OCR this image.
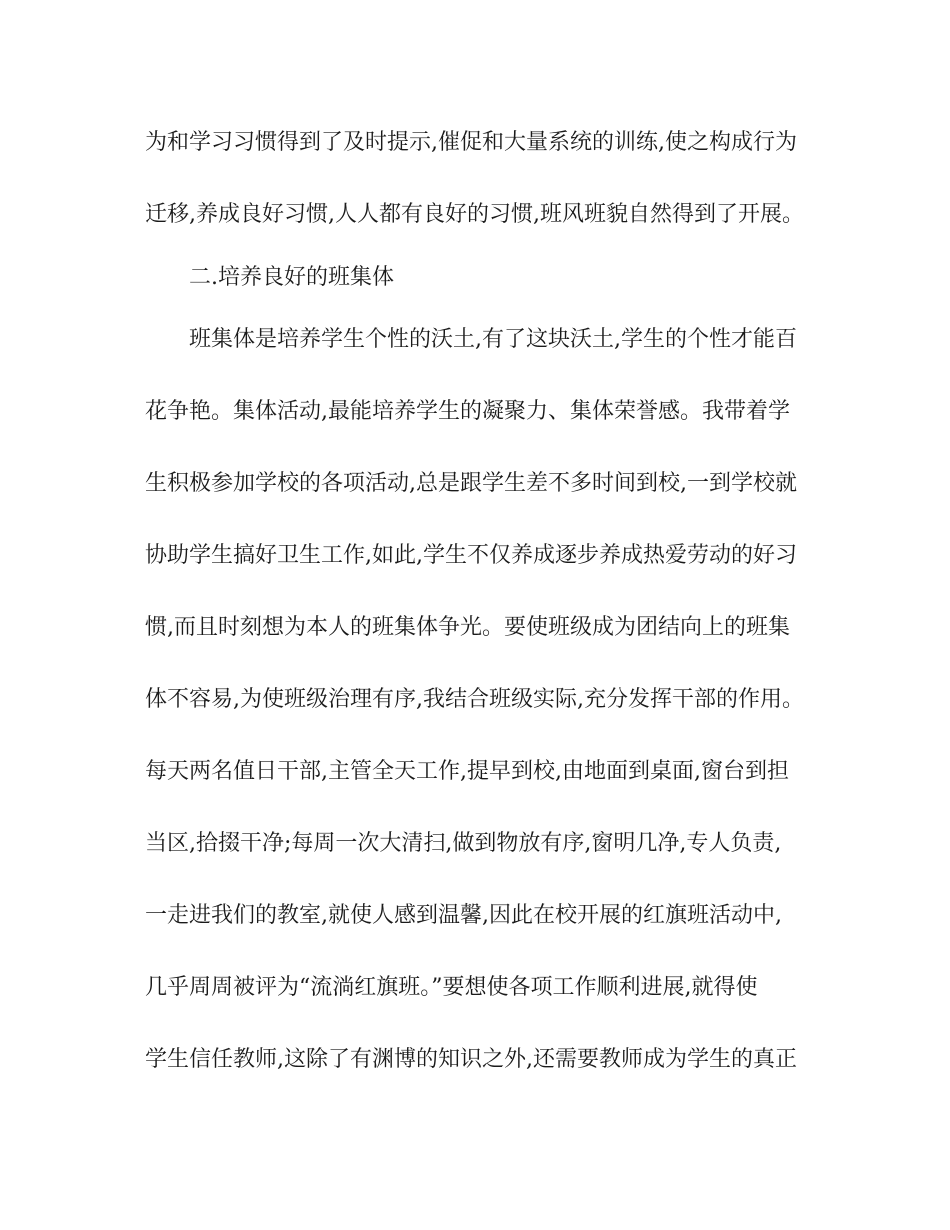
为和学习习惯得到了及时提示,催促和大量系统的训练,使之构成行为
迁移,养成良好习惯,人人都有良好的习惯,班风班貌自然得到了开展。
二.培养良好的班集体
班集体是培养学生个性的沃土,有了这块沃土,学生的个性才能百
花争艳。集体活动,最能培养学生的凝聚力、集体荣誉感。我带着学
生积极参加学校的各项活动,总是跟学生差不多时间到校,一到学校就
协助学生搞好卫生工作,如此,学生不仅养成逐步养成热爱劳动的好习
惯,而且时刻想为本人的班集体争光。要使班级成为团结向上的班集
体不容易,为使班级治理有序,我结合班级实际,充分发挥干部的作用。
每天两名值日干部,主管全天工作,提早到校,由地面到桌面,窗台到担
当区,拾掇干净;每周一次大清扫,做到物放有序,窗明几净,专人负责,
一走进我们的教室,就使人感到温馨,因此在校开展的红旗班活动中,
几乎周周被评为“流淌红旗班。”要想使各项工作顺利进展,就得使
学生信任教师,这除了有渊博的知识之外,还需要教师成为学生的真正
